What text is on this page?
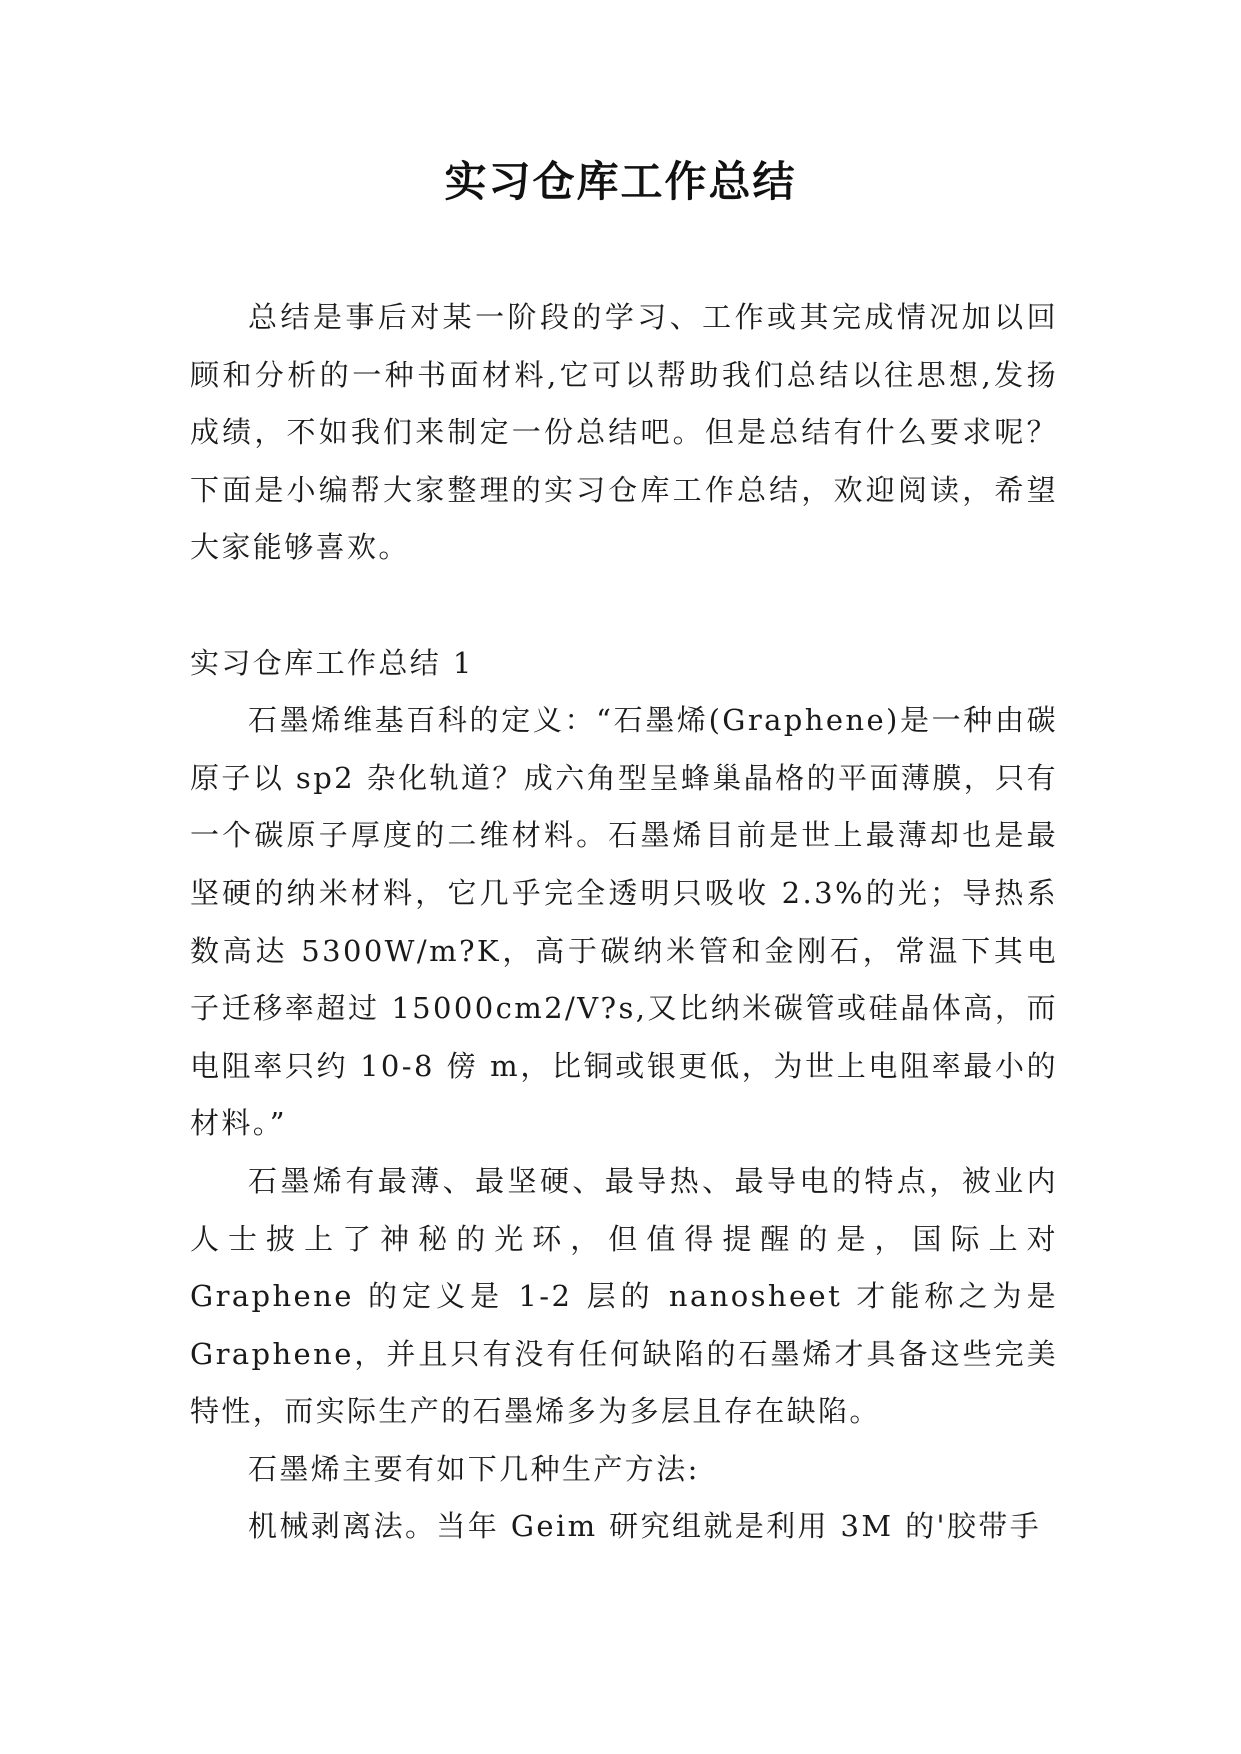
实习仓库工作总结

总结是事后对某一阶段的学习、工作或其完成情况加以回顾和分析的一种书面材料,它可以帮助我们总结以往思想,发扬成绩，不如我们来制定一份总结吧。但是总结有什么要求呢？下面是小编帮大家整理的实习仓库工作总结，欢迎阅读，希望大家能够喜欢。

实习仓库工作总结 1

石墨烯维基百科的定义：“石墨烯(Graphene)是一种由碳原子以 sp2 杂化轨道？成六角型呈蜂巢晶格的平面薄膜，只有一个碳原子厚度的二维材料。石墨烯目前是世上最薄却也是最坚硬的纳米材料，它几乎完全透明只吸收 2.3%的光；导热系数高达 5300W/m?K，高于碳纳米管和金刚石，常温下其电子迁移率超过 15000cm2/V?s,又比纳米碳管或硅晶体高，而电阻率只约 10-8 傍 m，比铜或银更低，为世上电阻率最小的材料。”

石墨烯有最薄、最坚硬、最导热、最导电的特点，被业内人士披上了神秘的光环，但值得提醒的是，国际上对 Graphene 的定义是 1-2 层的 nanosheet 才能称之为是 Graphene，并且只有没有任何缺陷的石墨烯才具备这些完美特性，而实际生产的石墨烯多为多层且存在缺陷。

石墨烯主要有如下几种生产方法:

机械剥离法。当年 Geim 研究组就是利用 3M 的'胶带手
